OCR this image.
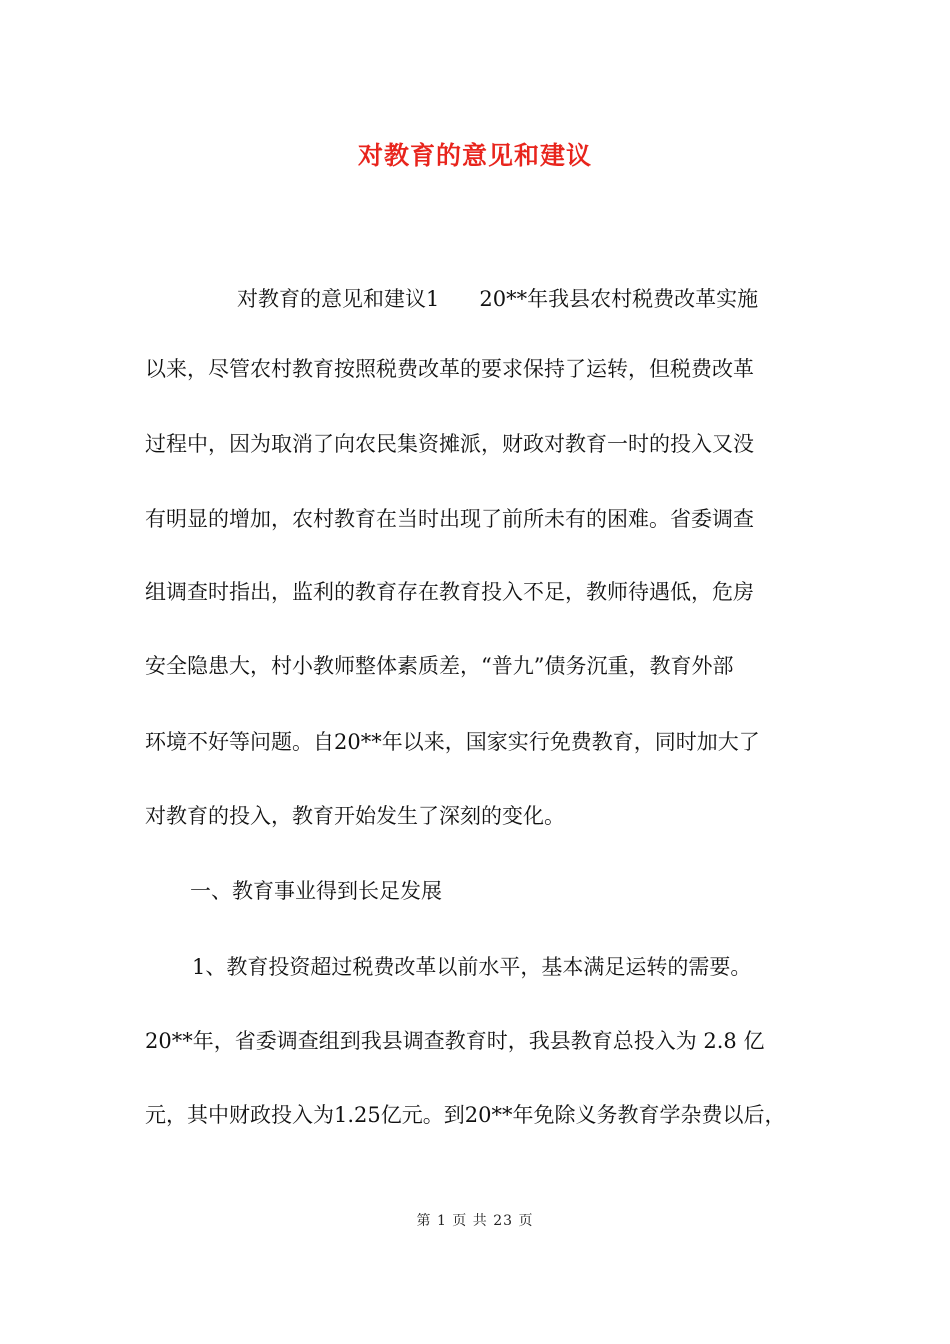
对教育的意见和建议
对教育的意见和建议1 20**年我县农村税费改革实施
以来，尽管农村教育按照税费改革的要求保持了运转，但税费改革
过程中，因为取消了向农民集资摊派，财政对教育一时的投入又没
有明显的增加，农村教育在当时出现了前所未有的困难。省委调查
组调查时指出，监利的教育存在教育投入不足，教师待遇低，危房
安全隐患大，村小教师整体素质差，“普九”债务沉重，教育外部
环境不好等问题。自20**年以来，国家实行免费教育，同时加大了
对教育的投入，教育开始发生了深刻的变化。
一、教育事业得到长足发展
1、教育投资超过税费改革以前水平，基本满足运转的需要。
20**年，省委调查组到我县调查教育时，我县教育总投入为 2.8 亿
元，其中财政投入为1.25亿元。到20**年免除义务教育学杂费以后，
第 1 页 共 23 页
